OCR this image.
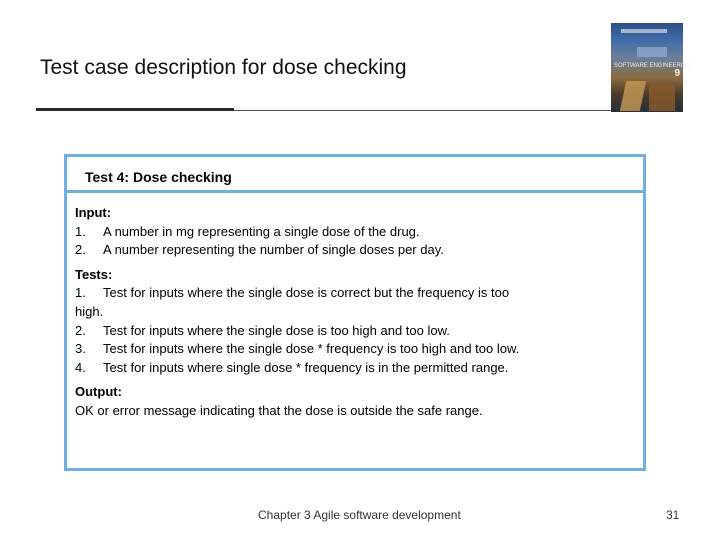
Test case description for dose checking	SOFTWARE ENGINEERING
9
Test 4: Dose checking
Input:
1.	A number in mg representing a single dose of the drug.
2.	A number representing the number of single doses per day.
Tests:
1.	Test for inputs where the single dose is correct but the frequency is too
high.
2.	Test for inputs where the single dose is too high and too low.
3.	Test for inputs where the single dose * frequency is too high and too low.
4.	Test for inputs where single dose * frequency is in the permitted range.
Output:
OK or error message indicating that the dose is outside the safe range.
Chapter 3 Agile software development	31
